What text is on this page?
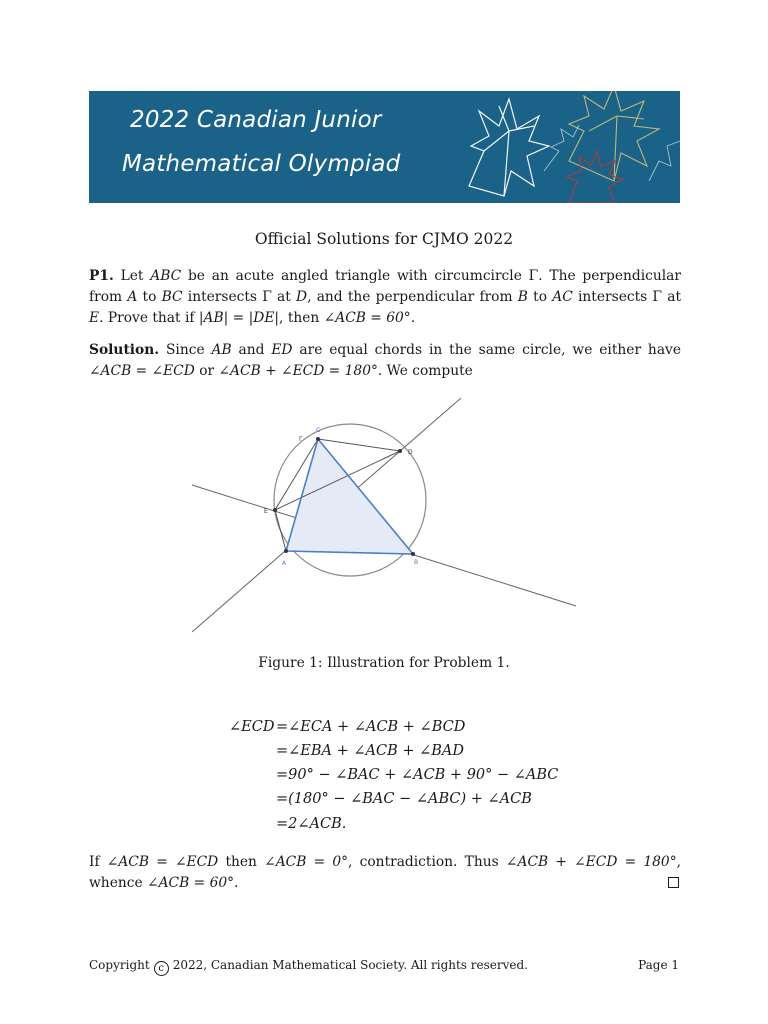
2022 Canadian Junior
Mathematical Olympiad
Official Solutions for CJMO 2022
P1. Let ABC be an acute angled triangle with circumcircle Γ. The perpendicular from A to BC intersects Γ at D, and the perpendicular from B to AC intersects Γ at E. Prove that if |AB| = |DE|, then ∠ACB = 60°.
Solution. Since AB and ED are equal chords in the same circle, we either have ∠ACB = ∠ECD or ∠ACB + ∠ECD = 180°. We compute
C
Γ
D
E
A	B
Figure 1: Illustration for Problem 1.
∠ECD =∠ECA + ∠ACB + ∠BCD
=∠EBA + ∠ACB + ∠BAD
=90° − ∠BAC + ∠ACB + 90° − ∠ABC
=(180° − ∠BAC − ∠ABC) + ∠ACB
=2∠ACB.
If ∠ACB = ∠ECD then ∠ACB = 0°, contradiction. Thus ∠ACB + ∠ECD = 180°, whence ∠ACB = 60°.
Copyright c 2022, Canadian Mathematical Society. All rights reserved.	Page 1
